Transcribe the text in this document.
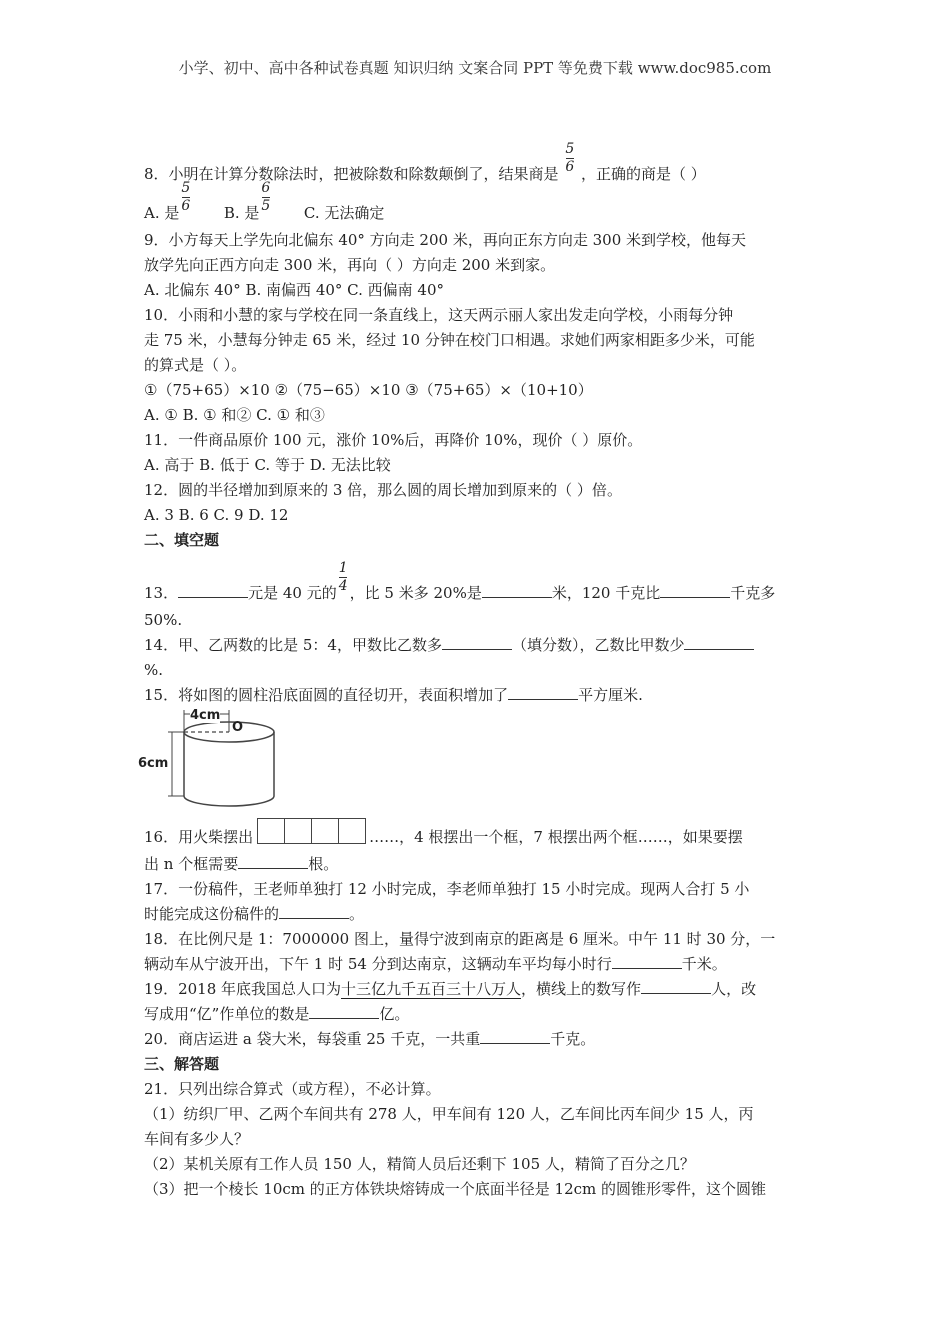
小学、初中、高中各种试卷真题 知识归纳 文案合同 PPT 等免费下载 www.doc985.com
8．小明在计算分数除法时，把被除数和除数颠倒了，结果商是 $\frac{5}{6}$ ，正确的商是（ ）
A. 是 $\frac{5}{6} B$. 是 $\frac{6}{5} C$. 无法确定
9．小方每天上学先向北偏东 40° 方向走 200 米，再向正东方向走 300 米到学校，他每天
放学先向正西方向走 300 米，再向（ ）方向走 200 米到家。
A. 北偏东 40° B. 南偏西 40° C. 西偏南 40°
10．小雨和小慧的家与学校在同一条直线上，这天两示丽人家出发走向学校，小雨每分钟
走 75 米，小慧每分钟走 65 米，经过 10 分钟在校门口相遇。求她们两家相距多少米，可能
的算式是（ ）。
①（75+65）×10 ②（75−65）×10 ③（75+65）×（10+10）
A. ① B. ① 和② C. ① 和③
11．一件商品原价 100 元，涨价 10%后，再降价 10%，现价（ ）原价。
A. 高于 B. 低于 C. 等于 D. 无法比较
12．圆的半径增加到原来的 3 倍，那么圆的周长增加到原来的（ ）倍。
A. 3 B. 6 C. 9 D. 12
二、填空题
13．	元是 40 元的 $\frac{1}{4}$ ，比 5 米多 20%是	米，120 千克比	千克多
50%.
14．甲、乙两数的比是 5：4，甲数比乙数多	（填分数），乙数比甲数少
%.
15．将如图的圆柱沿底面圆的直径切开，表面积增加了	平方厘米.
4cm
O
6cm
16．用火柴摆出	……，4 根摆出一个框，7 根摆出两个框……，如果要摆
出 n 个框需要	根。
17．一份稿件，王老师单独打 12 小时完成，李老师单独打 15 小时完成。现两人合打 5 小
时能完成这份稿件的	。
18．在比例尺是 1：7000000 图上，量得宁波到南京的距离是 6 厘米。中午 11 时 30 分，一
辆动车从宁波开出，下午 1 时 54 分到达南京，这辆动车平均每小时行	千米。
19．2018 年底我国总人口为十三亿九千五百三十八万人，横线上的数写作	人，改
写成用“亿”作单位的数是	亿。
20．商店运进 a 袋大米，每袋重 25 千克，一共重	千克。
三、解答题
21．只列出综合算式（或方程），不必计算。
（1）纺织厂甲、乙两个车间共有 278 人，甲车间有 120 人，乙车间比丙车间少 15 人，丙
车间有多少人？
（2）某机关原有工作人员 150 人，精简人员后还剩下 105 人，精简了百分之几？
（3）把一个棱长 10cm 的正方体铁块熔铸成一个底面半径是 12cm 的圆锥形零件，这个圆锥
